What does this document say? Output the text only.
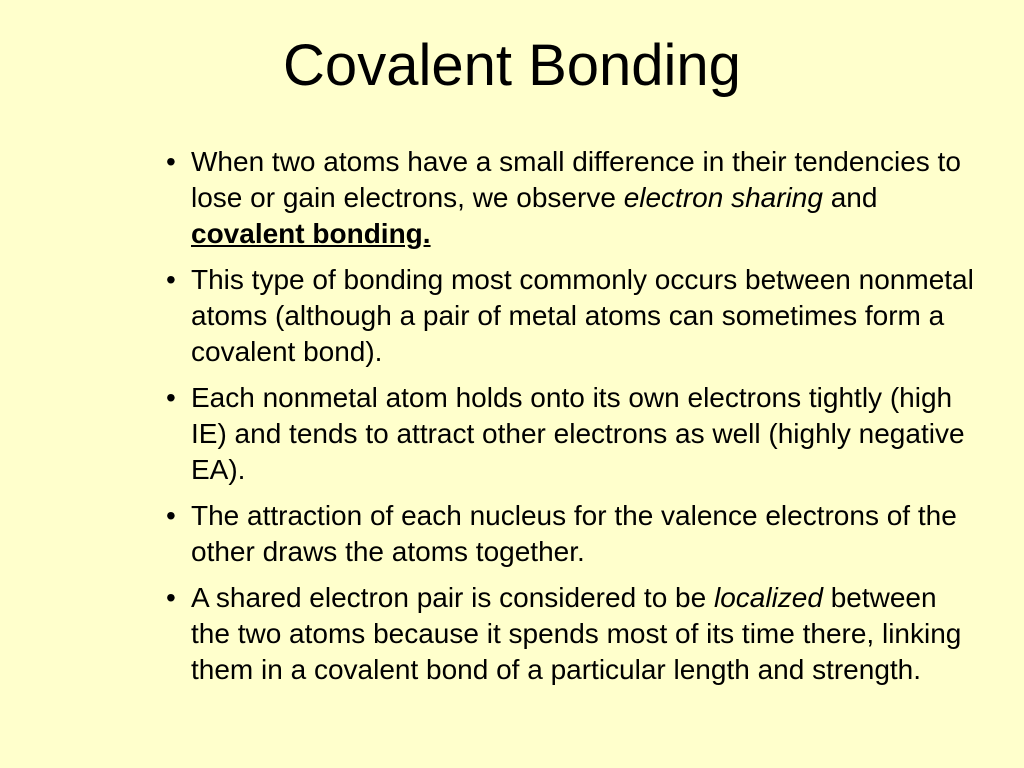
Covalent Bonding
• When two atoms have a small difference in their tendencies to lose or gain electrons, we observe electron sharing and covalent bonding.
• This type of bonding most commonly occurs between nonmetal atoms (although a pair of metal atoms can sometimes form a covalent bond).
• Each nonmetal atom holds onto its own electrons tightly (high IE) and tends to attract other electrons as well (highly negative EA).
• The attraction of each nucleus for the valence electrons of the other draws the atoms together.
• A shared electron pair is considered to be localized between the two atoms because it spends most of its time there, linking them in a covalent bond of a particular length and strength.
